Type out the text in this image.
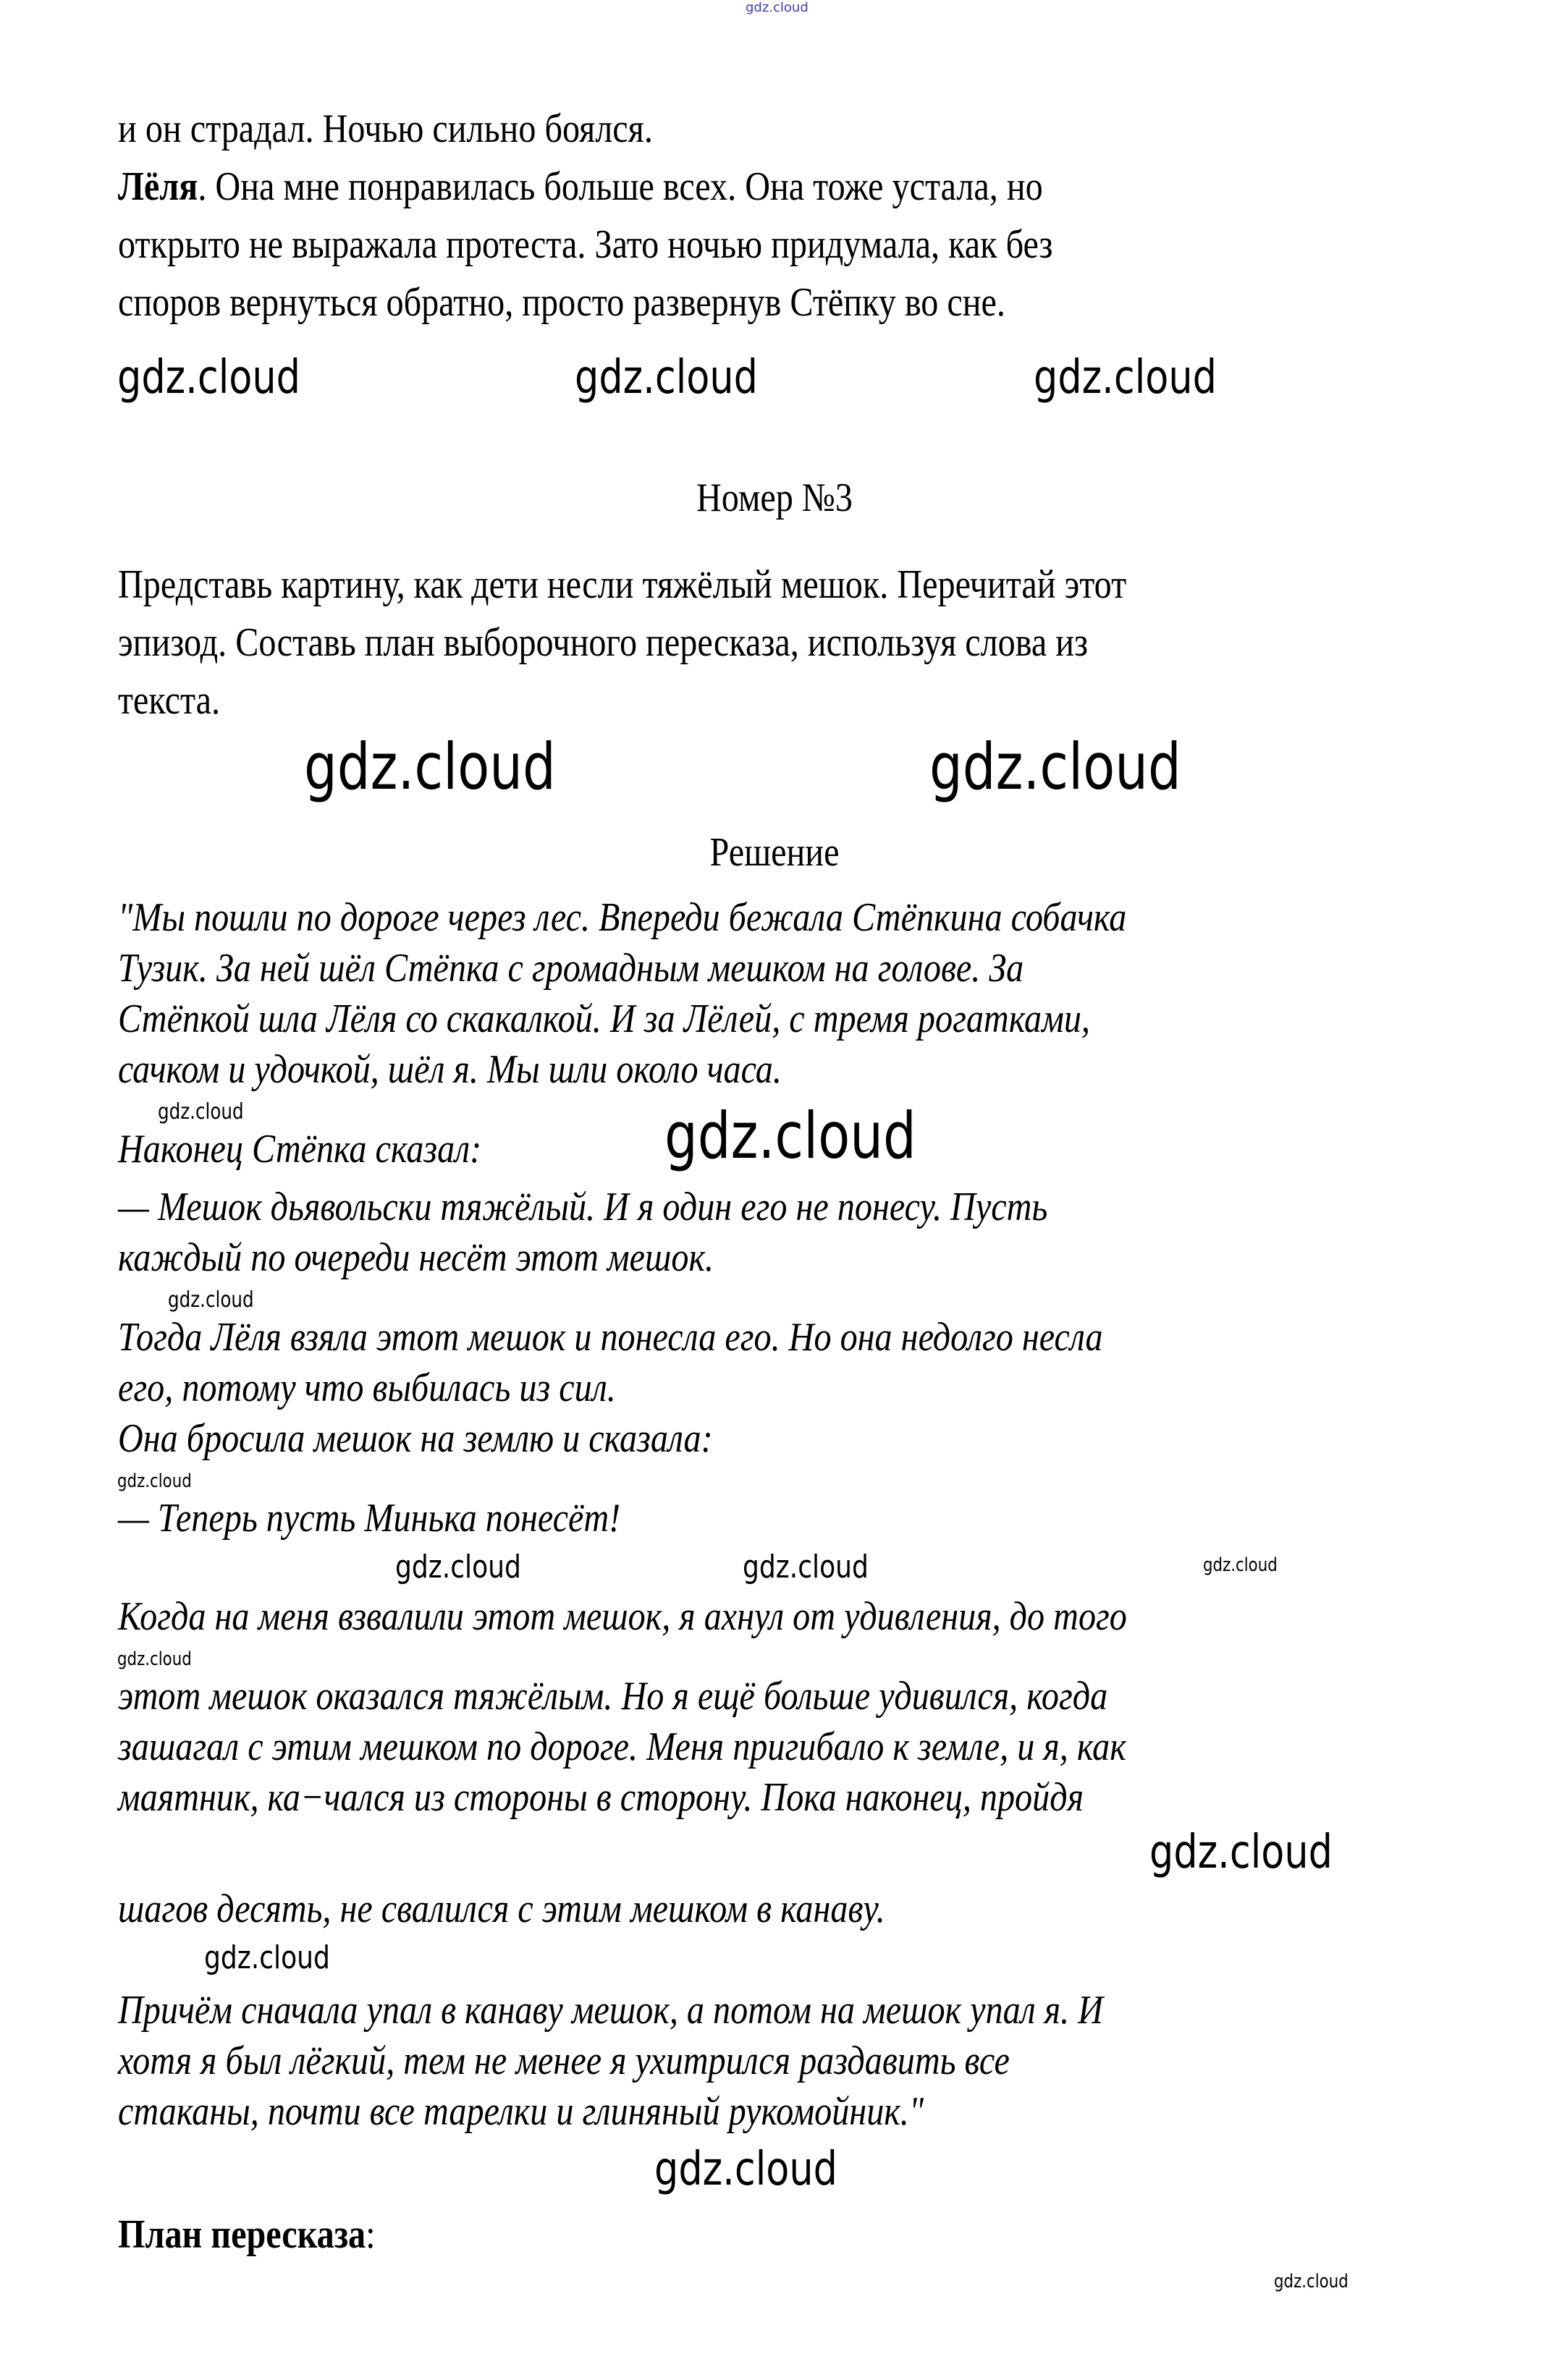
gdz.cloud
и он страдал. Ночью сильно боялся.
Лёля. Она мне понравилась больше всех. Она тоже устала, но
открыто не выражала протеста. Зато ночью придумала, как без
споров вернуться обратно, просто развернув Стёпку во сне.
gdz.cloud	gdz.cloud	gdz.cloud
Номер №3
Представь картину, как дети несли тяжёлый мешок. Перечитай этот
эпизод. Составь план выборочного пересказа, используя слова из
текста.
gdz.cloud	gdz.cloud
Решение
"Мы пошли по дороге через лес. Впереди бежала Стёпкина собачка
Тузик. За ней шёл Стёпка с громадным мешком на голове. За
Стёпкой шла Лёля со скакалкой. И за Лёлей, с тремя рогатками,
сачком и удочкой, шёл я. Мы шли около часа.
gdz.cloud
Наконец Стёпка сказал:	gdz.cloud
— Мешок дьявольски тяжёлый. И я один его не понесу. Пусть
каждый по очереди несёт этот мешок.
gdz.cloud
Тогда Лёля взяла этот мешок и понесла его. Но она недолго несла
его, потому что выбилась из сил.
Она бросила мешок на землю и сказала:
gdz.cloud
— Теперь пусть Минька понесёт!
gdz.cloud	gdz.cloud	gdz.cloud
Когда на меня взвалили этот мешок, я ахнул от удивления, до того
gdz.cloud
этот мешок оказался тяжёлым. Но я ещё больше удивился, когда
зашагал с этим мешком по дороге. Меня пригибало к земле, и я, как
маятник, ка−чался из стороны в сторону. Пока наконец, пройдя
gdz.cloud
шагов десять, не свалился с этим мешком в канаву.
gdz.cloud
Причём сначала упал в канаву мешок, а потом на мешок упал я. И
хотя я был лёгкий, тем не менее я ухитрился раздавить все
стаканы, почти все тарелки и глиняный рукомойник."
gdz.cloud
План пересказа:
gdz.cloud
